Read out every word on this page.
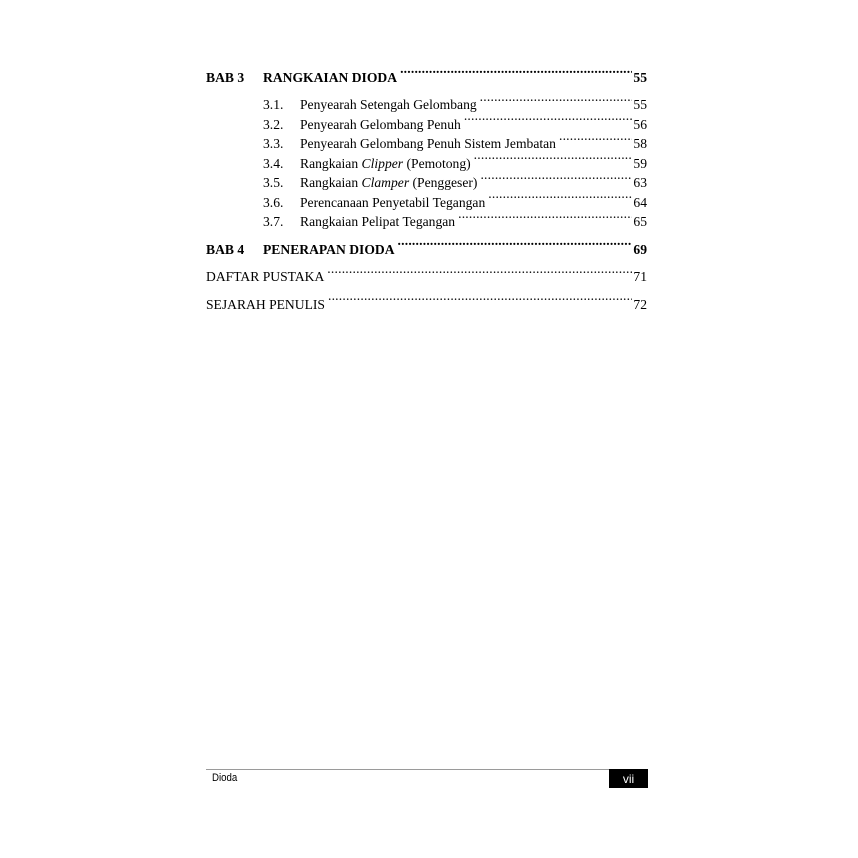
BAB 3	RANGKAIAN DIODA .....	55
3.1.	Penyearah Setengah Gelombang .....	55
3.2.	Penyearah Gelombang Penuh .....	56
3.3.	Penyearah Gelombang Penuh Sistem Jembatan .....	58
3.4.	Rangkaian Clipper (Pemotong) .....	59
3.5.	Rangkaian Clamper (Penggeser) .....	63
3.6.	Perencanaan Penyetabil Tegangan .....	64
3.7.	Rangkaian Pelipat Tegangan .....	65
BAB 4	PENERAPAN DIODA .....	69
DAFTAR PUSTAKA .....	71
SEJARAH PENULIS .....	72
Dioda	vii
